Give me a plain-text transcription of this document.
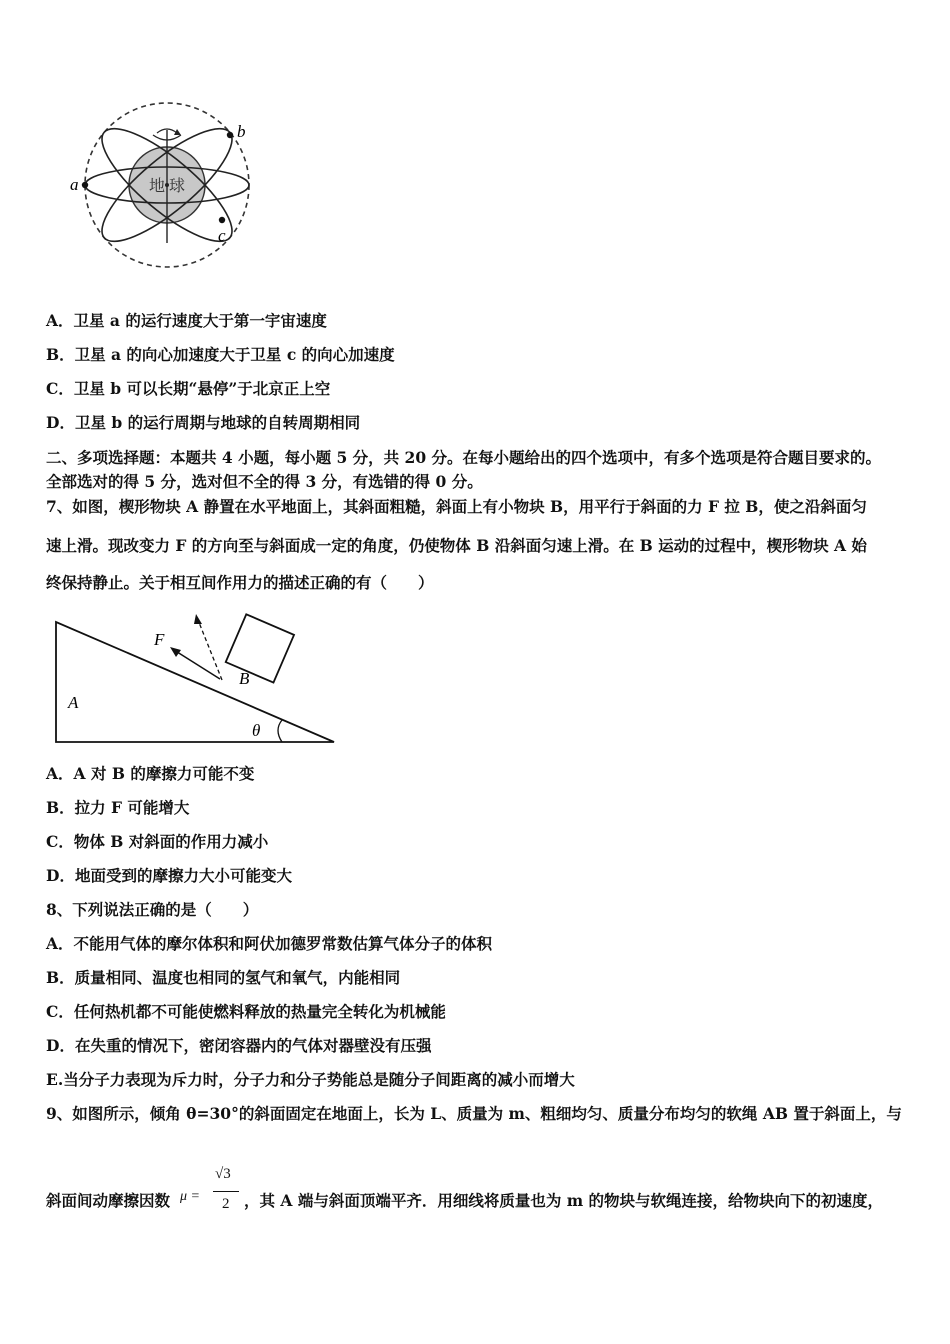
地 球
a
b
c
A．卫星 a 的运行速度大于第一宇宙速度
B．卫星 a 的向心加速度大于卫星 c 的向心加速度
C．卫星 b 可以长期“悬停”于北京正上空
D．卫星 b 的运行周期与地球的自转周期相同
二、多项选择题：本题共 4 小题，每小题 5 分，共 20 分。在每小题给出的四个选项中，有多个选项是符合题目要求的。
全部选对的得 5 分，选对但不全的得 3 分，有选错的得 0 分。
7、如图，楔形物块 A 静置在水平地面上，其斜面粗糙，斜面上有小物块 B，用平行于斜面的力 F 拉 B，使之沿斜面匀
速上滑。现改变力 F 的方向至与斜面成一定的角度，仍使物体 B 沿斜面匀速上滑。在 B 运动的过程中，楔形物块 A 始
终保持静止。关于相互间作用力的描述正确的有（　　）
F
B
A
θ
A．A 对 B 的摩擦力可能不变
B．拉力 F 可能增大
C．物体 B 对斜面的作用力减小
D．地面受到的摩擦力大小可能变大
8、下列说法正确的是（　　）
A．不能用气体的摩尔体积和阿伏加德罗常数估算气体分子的体积
B．质量相同、温度也相同的氢气和氧气，内能相同
C．任何热机都不可能使燃料释放的热量完全转化为机械能
D．在失重的情况下，密闭容器内的气体对器壁没有压强
E.当分子力表现为斥力时，分子力和分子势能总是随分子间距离的减小而增大
9、如图所示，倾角 θ=30°的斜面固定在地面上，长为 L、质量为 m、粗细均匀、质量分布均匀的软绳 AB 置于斜面上，与
斜面间动摩擦因数 μ =
√3
2 ，其 A 端与斜面顶端平齐．用细线将质量也为 m 的物块与软绳连接，给物块向下的初速度，
